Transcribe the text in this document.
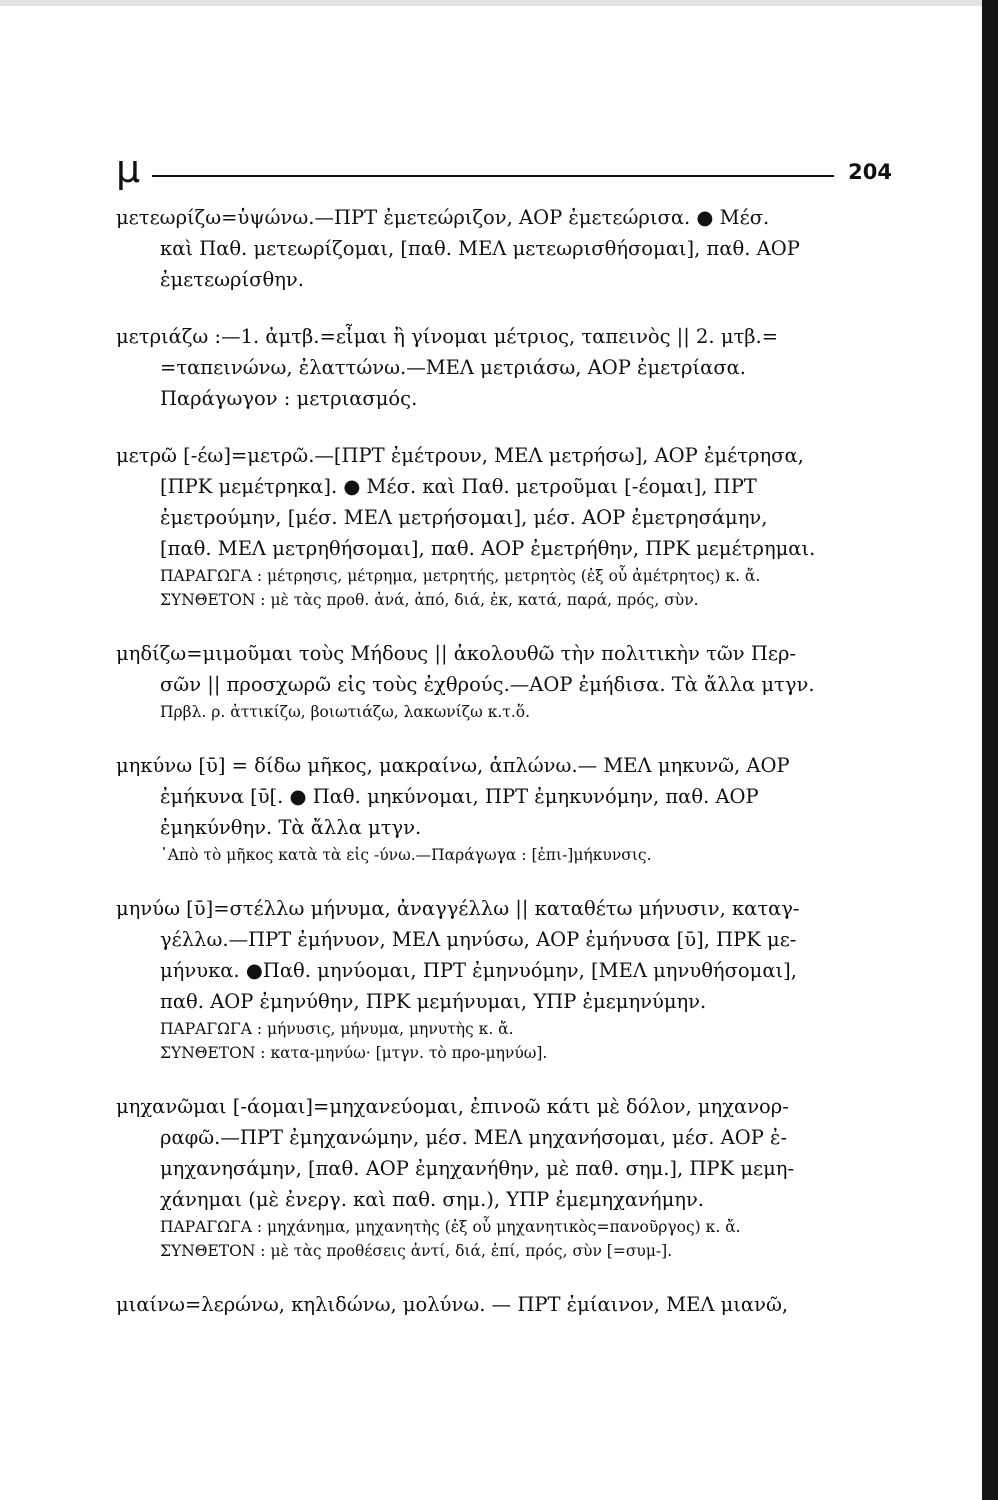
μ	204
μετεωρίζω=ὑψώνω.—ΠΡΤ ἐμετεώριζον, ΑΟΡ ἐμετεώρισα. ● Μέσ.
καὶ Παθ. μετεωρίζομαι, [παθ. ΜΕΛ μετεωρισθήσομαι], παθ. ΑΟΡ
ἐμετεωρίσθην.
μετριάζω :—1. ἀμτβ.=εἶμαι ἢ γίνομαι μέτριος, ταπεινὸς || 2. μτβ.=
=ταπεινώνω, ἐλαττώνω.—ΜΕΛ μετριάσω, ΑΟΡ ἐμετρίασα.
Παράγωγον : μετριασμός.
μετρῶ [-έω]=μετρῶ.—[ΠΡΤ ἐμέτρουν, ΜΕΛ μετρήσω], ΑΟΡ ἐμέτρησα,
[ΠΡΚ μεμέτρηκα]. ● Μέσ. καὶ Παθ. μετροῦμαι [-έομαι], ΠΡΤ
ἐμετρούμην, [μέσ. ΜΕΛ μετρήσομαι], μέσ. ΑΟΡ ἐμετρησάμην,
[παθ. ΜΕΛ μετρηθήσομαι], παθ. ΑΟΡ ἐμετρήθην, ΠΡΚ μεμέτρημαι.
ΠΑΡΑΓΩΓΑ : μέτρησις, μέτρημα, μετρητής, μετρητὸς (ἐξ οὗ ἀμέτρητος) κ. ἄ.
ΣΥΝΘΕΤΟΝ : μὲ τὰς προθ. ἀνά, ἀπό, διά, ἐκ, κατά, παρά, πρός, σὺν.
μηδίζω=μιμοῦμαι τοὺς Μήδους || ἀκολουθῶ τὴν πολιτικὴν τῶν Περ-
σῶν || προσχωρῶ εἰς τοὺς ἐχθρούς.—ΑΟΡ ἐμήδισα. Τὰ ἄλλα μτγν.
Πρβλ. ρ. ἀττικίζω, βοιωτιάζω, λακωνίζω κ.τ.ὅ.
μηκύνω [ῡ] = δίδω μῆκος, μακραίνω, ἁπλώνω.— ΜΕΛ μηκυνῶ, ΑΟΡ
ἐμήκυνα [ῡ[. ● Παθ. μηκύνομαι, ΠΡΤ ἐμηκυνόμην, παθ. ΑΟΡ
ἐμηκύνθην. Τὰ ἄλλα μτγν.
᾿Απὸ τὸ μῆκος κατὰ τὰ εἰς -ύνω.—Παράγωγα : [ἐπι-]μήκυνσις.
μηνύω [ῡ]=στέλλω μήνυμα, ἀναγγέλλω || καταθέτω μήνυσιν, καταγ-
γέλλω.—ΠΡΤ ἐμήνυον, ΜΕΛ μηνύσω, ΑΟΡ ἐμήνυσα [ῡ], ΠΡΚ με-
μήνυκα. ●Παθ. μηνύομαι, ΠΡΤ ἐμηνυόμην, [ΜΕΛ μηνυθήσομαι],
παθ. ΑΟΡ ἐμηνύθην, ΠΡΚ μεμήνυμαι, ΥΠΡ ἐμεμηνύμην.
ΠΑΡΑΓΩΓΑ : μήνυσις, μήνυμα, μηνυτὴς κ. ἄ.
ΣΥΝΘΕΤΟΝ : κατα-μηνύω· [μτγν. τὸ προ-μηνύω].
μηχανῶμαι [-άομαι]=μηχανεύομαι, ἐπινοῶ κάτι μὲ δόλον, μηχανορ-
ραφῶ.—ΠΡΤ ἐμηχανώμην, μέσ. ΜΕΛ μηχανήσομαι, μέσ. ΑΟΡ ἐ-
μηχανησάμην, [παθ. ΑΟΡ ἐμηχανήθην, μὲ παθ. σημ.], ΠΡΚ μεμη-
χάνημαι (μὲ ἐνεργ. καὶ παθ. σημ.), ΥΠΡ ἐμεμηχανήμην.
ΠΑΡΑΓΩΓΑ : μηχάνημα, μηχανητὴς (ἐξ οὗ μηχανητικὸς=πανοῦργος) κ. ἄ.
ΣΥΝΘΕΤΟΝ : μὲ τὰς προθέσεις ἀντί, διά, ἐπί, πρός, σὺν [=συμ-].
μιαίνω=λερώνω, κηλιδώνω, μολύνω. — ΠΡΤ ἐμίαινον, ΜΕΛ μιανῶ,
